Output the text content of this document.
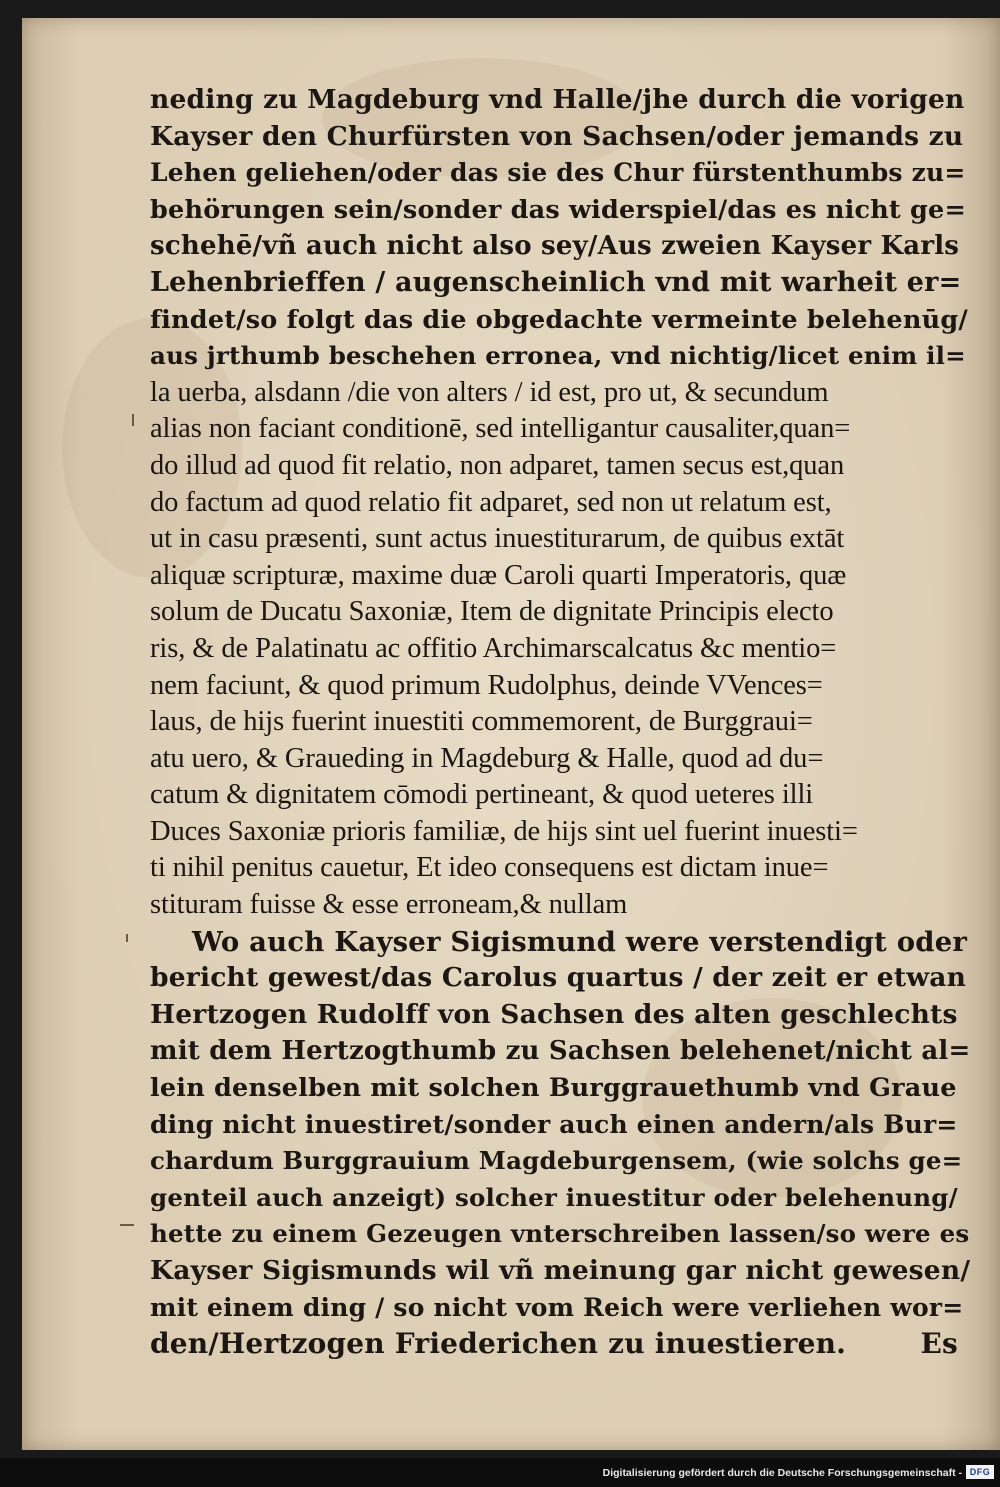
neding zu Magdeburg vnd Halle/jhe durch die vorigen
Kayser den Churfürsten von Sachsen/oder jemands zu
Lehen geliehen/oder das sie des Chur fürstenthumbs zu=
behörungen sein/sonder das widerspiel/das es nicht ge=
schehē/vñ auch nicht also sey/Aus zweien Kayser Karls
Lehenbrieffen / augenscheinlich vnd mit warheit er=
findet/so folgt das die obgedachte vermeinte belehenūg/
aus jrthumb beschehen erronea, vnd nichtig/licet enim il=
la uerba, alsdann /die von alters / id est, pro ut, & secundum
alias non faciant conditionē, sed intelligantur causaliter,quan=
do illud ad quod fit relatio, non adparet, tamen secus est,quan
do factum ad quod relatio fit adparet, sed non ut relatum est,
ut in casu præsenti, sunt actus inuestiturarum, de quibus extāt
aliquæ scripturæ, maxime duæ Caroli quarti Imperatoris, quæ
solum de Ducatu Saxoniæ, Item de dignitate Principis electo
ris, & de Palatinatu ac offitio Archimarscalcatus &c mentio=
nem faciunt, & quod primum Rudolphus, deinde VVences=
laus, de hijs fuerint inuestiti commemorent, de Burggraui=
atu uero, & Graueding in Magdeburg & Halle, quod ad du=
catum & dignitatem cōmodi pertineant, & quod ueteres illi
Duces Saxoniæ prioris familiæ, de hijs sint uel fuerint inuesti=
ti nihil penitus cauetur, Et ideo consequens est dictam inue=
stituram fuisse & esse erroneam,& nullam
Wo auch Kayser Sigismund were verstendigt oder
bericht gewest/das Carolus quartus / der zeit er etwan
Hertzogen Rudolff von Sachsen des alten geschlechts
mit dem Hertzogthumb zu Sachsen belehenet/nicht al=
lein denselben mit solchen Burggrauethumb vnd Graue
ding nicht inuestiret/sonder auch einen andern/als Bur=
chardum Burggrauium Magdeburgensem, (wie solchs ge=
genteil auch anzeigt) solcher inuestitur oder belehenung/
hette zu einem Gezeugen vnterschreiben lassen/so were es
Kayser Sigismunds wil vñ meinung gar nicht gewesen/
mit einem ding / so nicht vom Reich were verliehen wor=
den/Hertzogen Friederichen zu inuestieren.	Es
Digitalisierung gefördert durch die Deutsche Forschungsgemeinschaft - DFG
